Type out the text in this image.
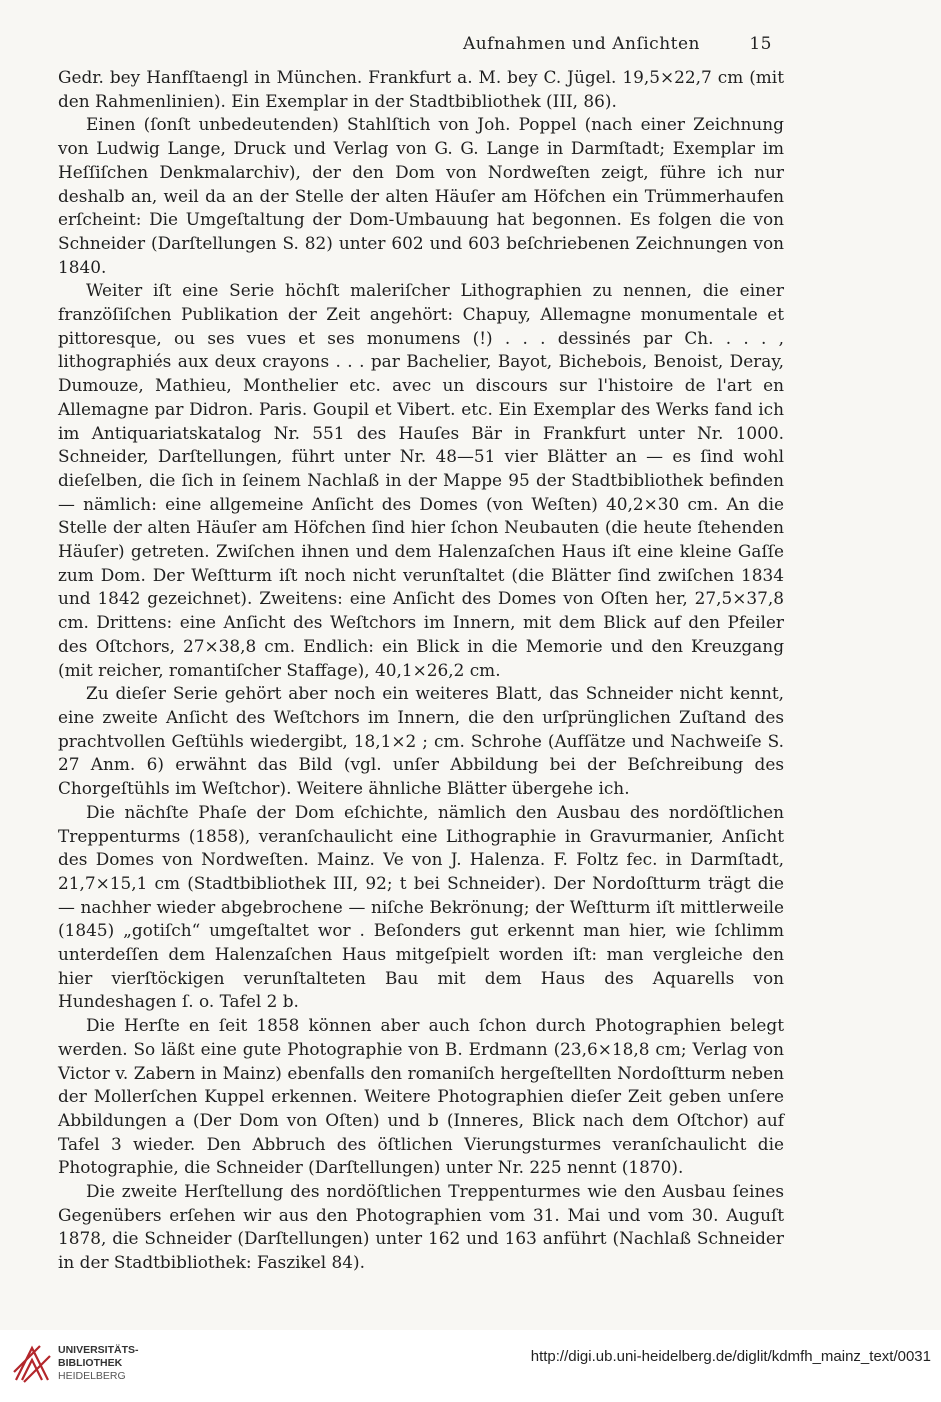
Aufnahmen und Anſichten	15

Gedr. bey Hanfſtaengl in München. Frankfurt a. M. bey C. Jügel. 19,5×22,7 cm (mit den Rahmenlinien). Ein Exemplar in der Stadtbibliothek (III, 86).

Einen (ſonſt unbedeutenden) Stahlſtich von Joh. Poppel (nach einer Zeichnung von Ludwig Lange, Druck und Verlag von G. G. Lange in Darmſtadt; Exemplar im Heſſiſchen Denkmalarchiv), der den Dom von Nordweſten zeigt, führe ich nur deshalb an, weil da an der Stelle der alten Häuſer am Höfchen ein Trümmerhaufen erſcheint: Die Umgeſtaltung der Dom-Umbauung hat begonnen. Es folgen die von Schneider (Darſtellungen S. 82) unter 602 und 603 beſchriebenen Zeichnungen von 1840.

Weiter iſt eine Serie höchſt maleriſcher Lithographien zu nennen, die einer franzöſiſchen Publikation der Zeit angehört: Chapuy, Allemagne monumentale et pittoresque, ou ses vues et ses monumens (!) . . . dessinés par Ch. . . . , lithographiés aux deux crayons . . . par Bachelier, Bayot, Bichebois, Benoist, Deray, Dumouze, Mathieu, Monthelier etc. avec un discours sur l'histoire de l'art en Allemagne par Didron. Paris. Goupil et Vibert. etc. Ein Exemplar des Werks fand ich im Antiquariatskatalog Nr. 551 des Hauſes Bär in Frankfurt unter Nr. 1000. Schneider, Darſtellungen, führt unter Nr. 48—51 vier Blätter an — es ſind wohl dieſelben, die ſich in ſeinem Nachlaß in der Mappe 95 der Stadtbibliothek befinden — nämlich: eine allgemeine Anſicht des Domes (von Weſten) 40,2×30 cm. An die Stelle der alten Häuſer am Höfchen ſind hier ſchon Neubauten (die heute ſtehenden Häuſer) getreten. Zwiſchen ihnen und dem Halenzaſchen Haus iſt eine kleine Gaſſe zum Dom. Der Weſtturm iſt noch nicht verunſtaltet (die Blätter ſind zwiſchen 1834 und 1842 gezeichnet). Zweitens: eine Anſicht des Domes von Oſten her, 27,5×37,8 cm. Drittens: eine Anſicht des Weſtchors im Innern, mit dem Blick auf den Pfeiler des Oſtchors, 27×38,8 cm. Endlich: ein Blick in die Memorie und den Kreuzgang (mit reicher, romantiſcher Staffage), 40,1×26,2 cm.

Zu dieſer Serie gehört aber noch ein weiteres Blatt, das Schneider nicht kennt, eine zweite Anſicht des Weſtchors im Innern, die den urſprünglichen Zuſtand des prachtvollen Geſtühls wiedergibt, 18,1×2 ; cm. Schrohe (Aufſätze und Nachweiſe S. 27 Anm. 6) erwähnt das Bild (vgl. unſer Abbildung bei der Beſchreibung des Chorgeſtühls im Weſtchor). Weitere ähnliche Blätter übergehe ich.

Die nächſte Phaſe der Dom eſchichte, nämlich den Ausbau des nordöſtlichen Treppenturms (1858), veranſchaulicht eine Lithographie in Gravurmanier, Anſicht des Domes von Nordweſten. Mainz. Ve von J. Halenza. F. Foltz fec. in Darmſtadt, 21,7×15,1 cm (Stadtbibliothek III, 92; t bei Schneider). Der Nordoſtturm trägt die — nachher wieder abgebrochene — niſche Bekrönung; der Weſtturm iſt mittlerweile (1845) „gotiſch“ umgeſtaltet wor . Beſonders gut erkennt man hier, wie ſchlimm unterdeſſen dem Halenzaſchen Haus mitgeſpielt worden iſt: man vergleiche den hier vierſtöckigen verunſtalteten Bau mit dem Haus des Aquarells von Hundeshagen ſ. o. Tafel 2 b.

Die Herſte en ſeit 1858 können aber auch ſchon durch Photographien belegt werden. So läßt eine gute Photographie von B. Erdmann (23,6×18,8 cm; Verlag von Victor v. Zabern in Mainz) ebenfalls den romaniſch hergeſtellten Nordoſtturm neben der Mollerſchen Kuppel erkennen. Weitere Photographien dieſer Zeit geben unſere Abbildungen a (Der Dom von Oſten) und b (Inneres, Blick nach dem Oſtchor) auf Tafel 3 wieder. Den Abbruch des öſtlichen Vierungsturmes veranſchaulicht die Photographie, die Schneider (Darſtellungen) unter Nr. 225 nennt (1870).

Die zweite Herſtellung des nordöſtlichen Treppenturmes wie den Ausbau ſeines Gegenübers erſehen wir aus den Photographien vom 31. Mai und vom 30. Auguſt 1878, die Schneider (Darſtellungen) unter 162 und 163 anführt (Nachlaß Schneider in der Stadtbibliothek: Faszikel 84).

UNIVERSITÄTS-
BIBLIOTHEK
HEIDELBERG
http://digi.ub.uni-heidelberg.de/diglit/kdmfh_mainz_text/0031
